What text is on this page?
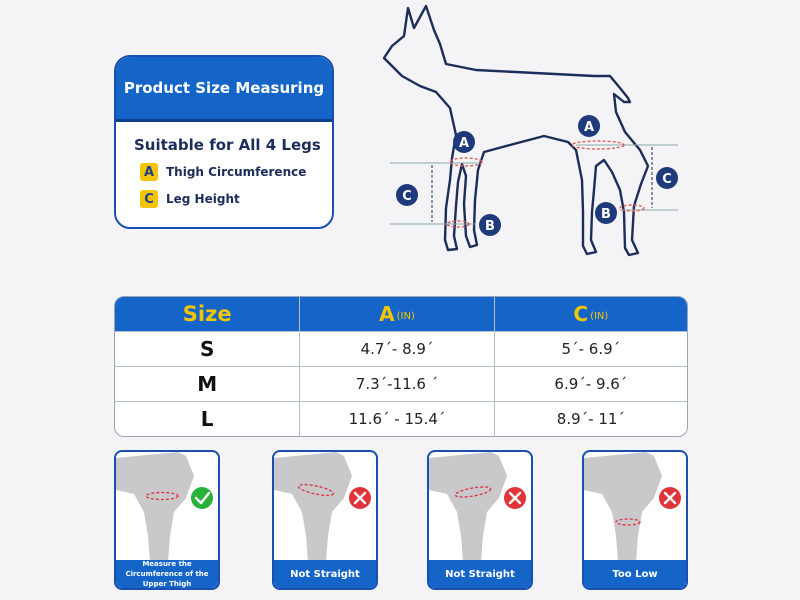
Product Size Measuring
Suitable for All 4 Legs
A Thigh Circumference
C	Leg Height
A
C
B
A
C
B
Size	A (IN)	C (IN)
S	4.7´- 8.9´	5´- 6.9´
M	7.3´-11.6 ´	6.9´- 9.6´
L	11.6´ - 15.4´	8.9´- 11´
Measure the Circumference of the Upper Thigh
Not Straight	Not Straight	Too Low
